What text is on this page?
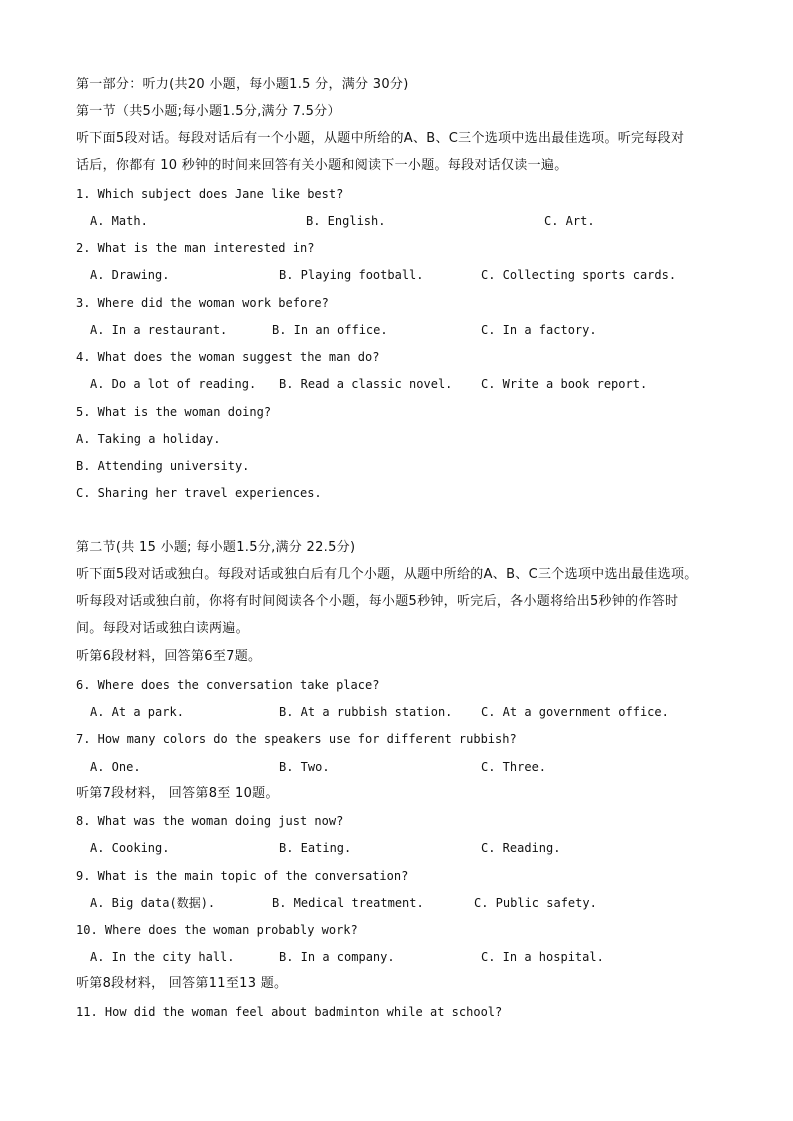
第一部分：听力(共20 小题，每小题1.5 分，满分 30分)
第一节（共5小题;每小题1.5分,满分 7.5分）
听下面5段对话。每段对话后有一个小题，从题中所给的A、B、C三个选项中选出最佳选项。听完每段对
话后，你都有 10 秒钟的时间来回答有关小题和阅读下一小题。每段对话仅读一遍。
1. Which subject does Jane like best?
A. Math.	B. English.	C. Art.
2. What is the man interested in?
A. Drawing.	B. Playing football.	C. Collecting sports cards.
3. Where did the woman work before?
A. In a restaurant.	B. In an office.	C. In a factory.
4. What does the woman suggest the man do?
A. Do a lot of reading. B. Read a classic novel. C. Write a book report.
5. What is the woman doing?
A. Taking a holiday.
B. Attending university.
C. Sharing her travel experiences.
第二节(共 15 小题; 每小题1.5分,满分 22.5分)
听下面5段对话或独白。每段对话或独白后有几个小题，从题中所给的A、B、C三个选项中选出最佳选项。
听每段对话或独白前，你将有时间阅读各个小题，每小题5秒钟，听完后，各小题将给出5秒钟的作答时
间。每段对话或独白读两遍。
听第6段材料，回答第6至7题。
6. Where does the conversation take place?
A. At a park.	B. At a rubbish station. C. At a government office.
7. How many colors do the speakers use for different rubbish?
A. One.	B. Two.	C. Three.
听第7段材料， 回答第8至 10题。
8. What was the woman doing just now?
A. Cooking.	B. Eating.	C. Reading.
9. What is the main topic of the conversation?
A. Big data(数据).	B. Medical treatment.	C. Public safety.
10. Where does the woman probably work?
A. In the city hall.	B. In a company.	C. In a hospital.
听第8段材料， 回答第11至13 题。
11. How did the woman feel about badminton while at school?
